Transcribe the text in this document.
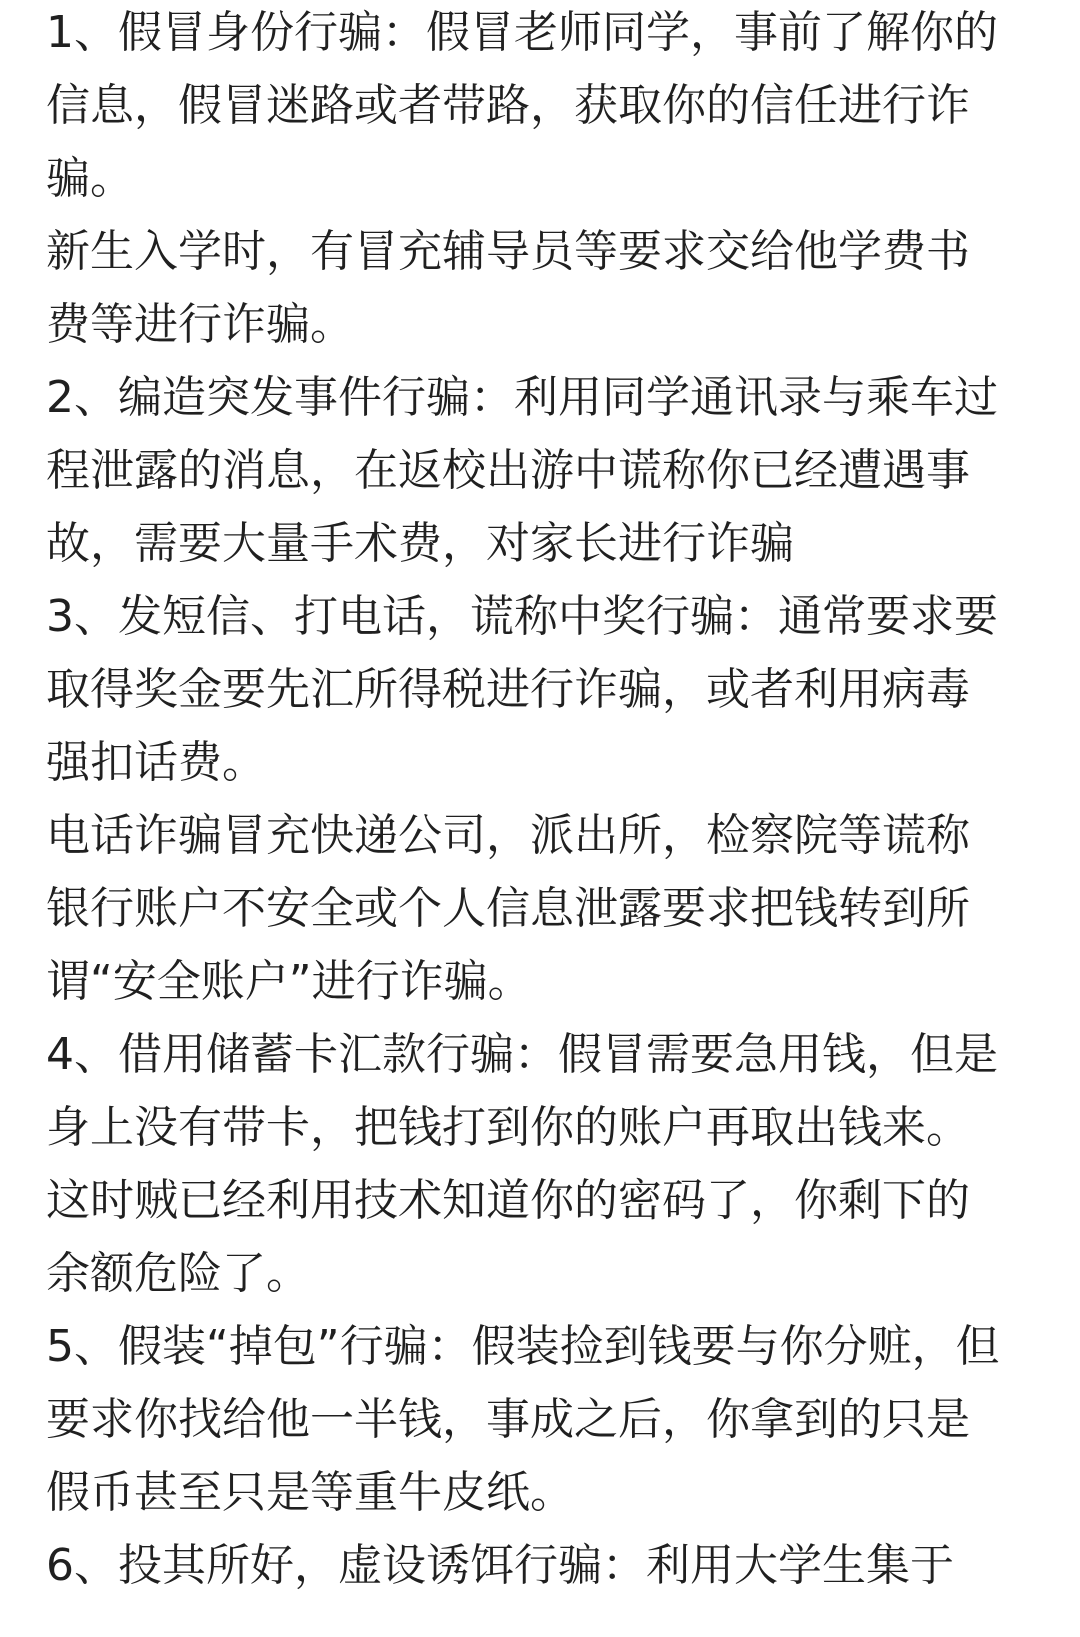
1、假冒身份行骗：假冒老师同学，事前了解你的信息，假冒迷路或者带路，获取你的信任进行诈骗。

新生入学时，有冒充辅导员等要求交给他学费书费等进行诈骗。

2、编造突发事件行骗：利用同学通讯录与乘车过程泄露的消息，在返校出游中谎称你已经遭遇事故，需要大量手术费，对家长进行诈骗

3、发短信、打电话，谎称中奖行骗：通常要求要取得奖金要先汇所得税进行诈骗，或者利用病毒强扣话费。

电话诈骗冒充快递公司，派出所，检察院等谎称银行账户不安全或个人信息泄露要求把钱转到所谓“安全账户”进行诈骗。

4、借用储蓄卡汇款行骗：假冒需要急用钱，但是身上没有带卡，把钱打到你的账户再取出钱来。这时贼已经利用技术知道你的密码了，你剩下的余额危险了。

5、假装“掉包”行骗：假装捡到钱要与你分赃，但要求你找给他一半钱，事成之后，你拿到的只是假币甚至只是等重牛皮纸。

6、投其所好，虚设诱饵行骗：利用大学生集于
